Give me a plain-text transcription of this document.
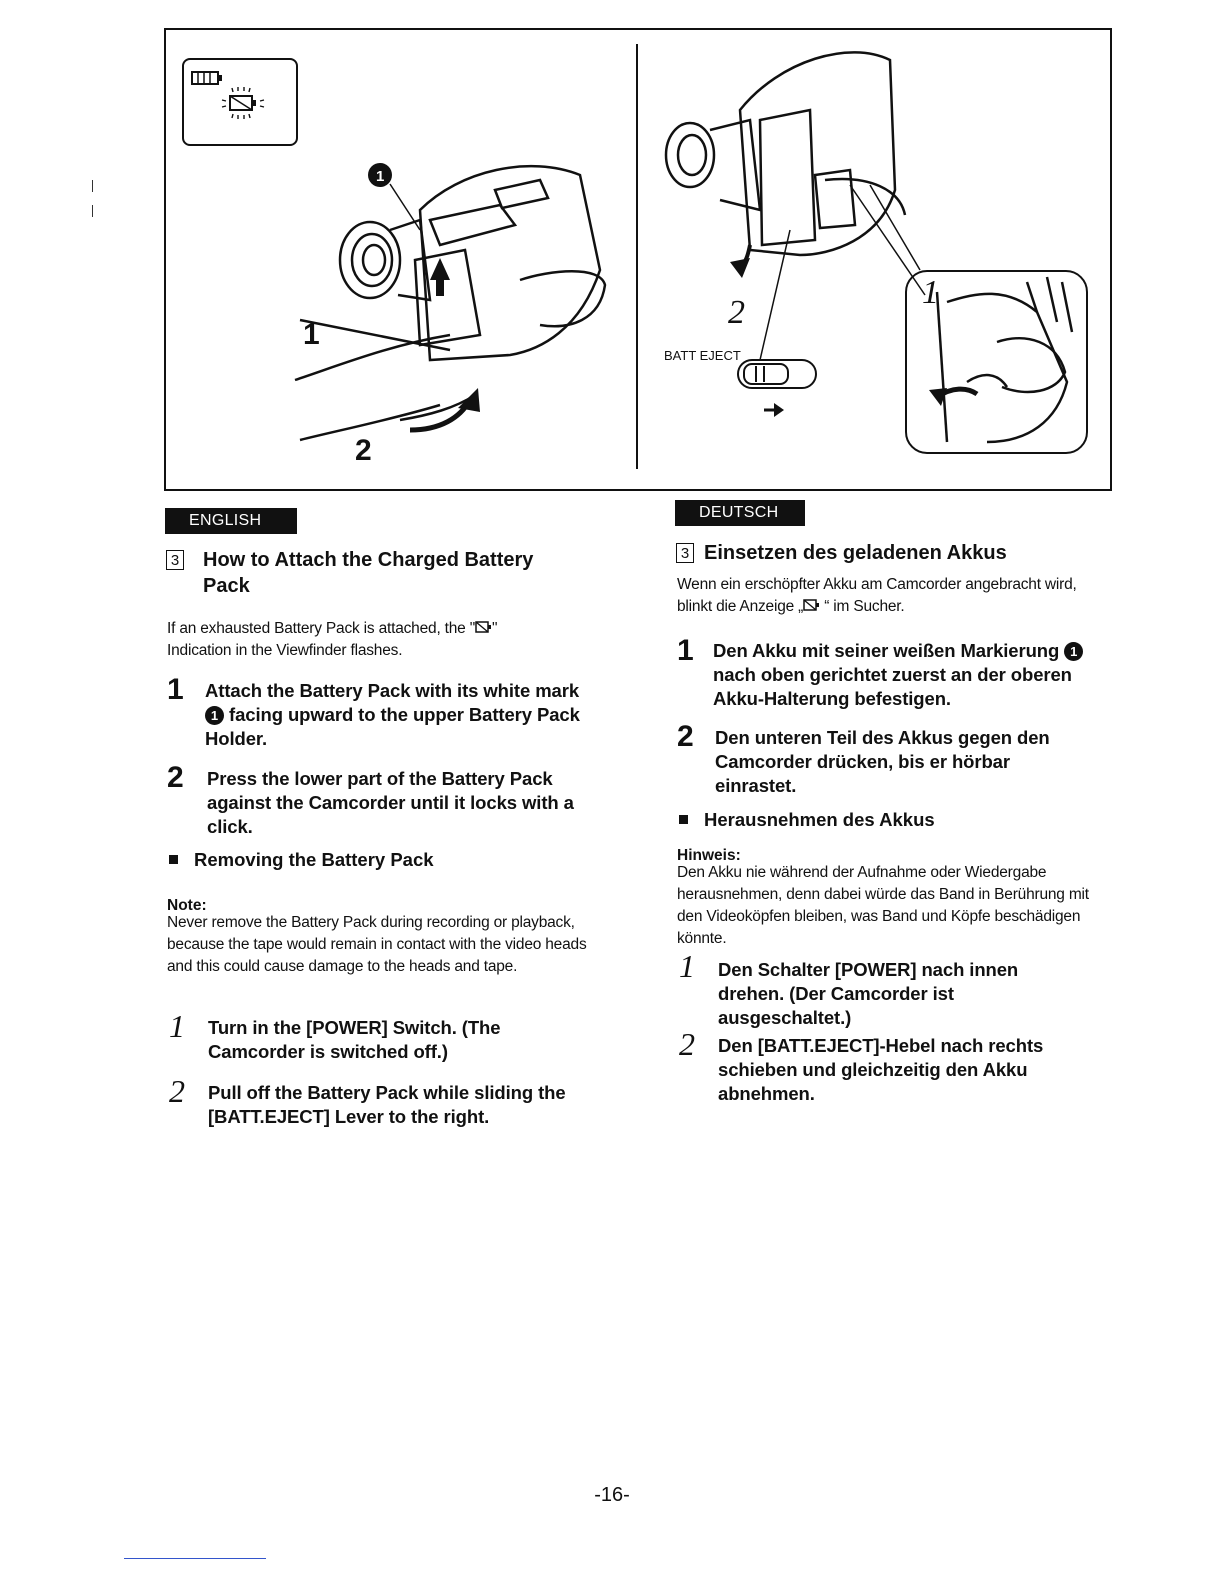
1
1
2
2
BATT EJECT
1
ENGLISH
3 How to Attach the Charged Battery Pack
If an exhausted Battery Pack is attached, the " " Indication in the Viewfinder flashes.
1 Attach the Battery Pack with its white mark
1 facing upward to the upper Battery Pack Holder.
2 Press the lower part of the Battery Pack against the Camcorder until it locks with a click.
Removing the Battery Pack
Note:
Never remove the Battery Pack during recording or playback, because the tape would remain in contact with the video heads and this could cause damage to the heads and tape.
1 Turn in the [POWER] Switch. (The Camcorder is switched off.)
2 Pull off the Battery Pack while sliding the [BATT.EJECT] Lever to the right.
DEUTSCH
3 Einsetzen des geladenen Akkus
Wenn ein erschöpfter Akku am Camcorder angebracht wird, blinkt die Anzeige „ “ im Sucher.
1 Den Akku mit seiner weißen Markierung 1 nach oben gerichtet zuerst an der oberen Akku-Halterung befestigen.
2 Den unteren Teil des Akkus gegen den Camcorder drücken, bis er hörbar einrastet.
Herausnehmen des Akkus
Hinweis:
Den Akku nie während der Aufnahme oder Wiedergabe herausnehmen, denn dabei würde das Band in Berührung mit den Videoköpfen bleiben, was Band und Köpfe beschädigen könnte.
1 Den Schalter [POWER] nach innen drehen. (Der Camcorder ist ausgeschaltet.)
2 Den [BATT.EJECT]-Hebel nach rechts schieben und gleichzeitig den Akku abnehmen.
-16-
